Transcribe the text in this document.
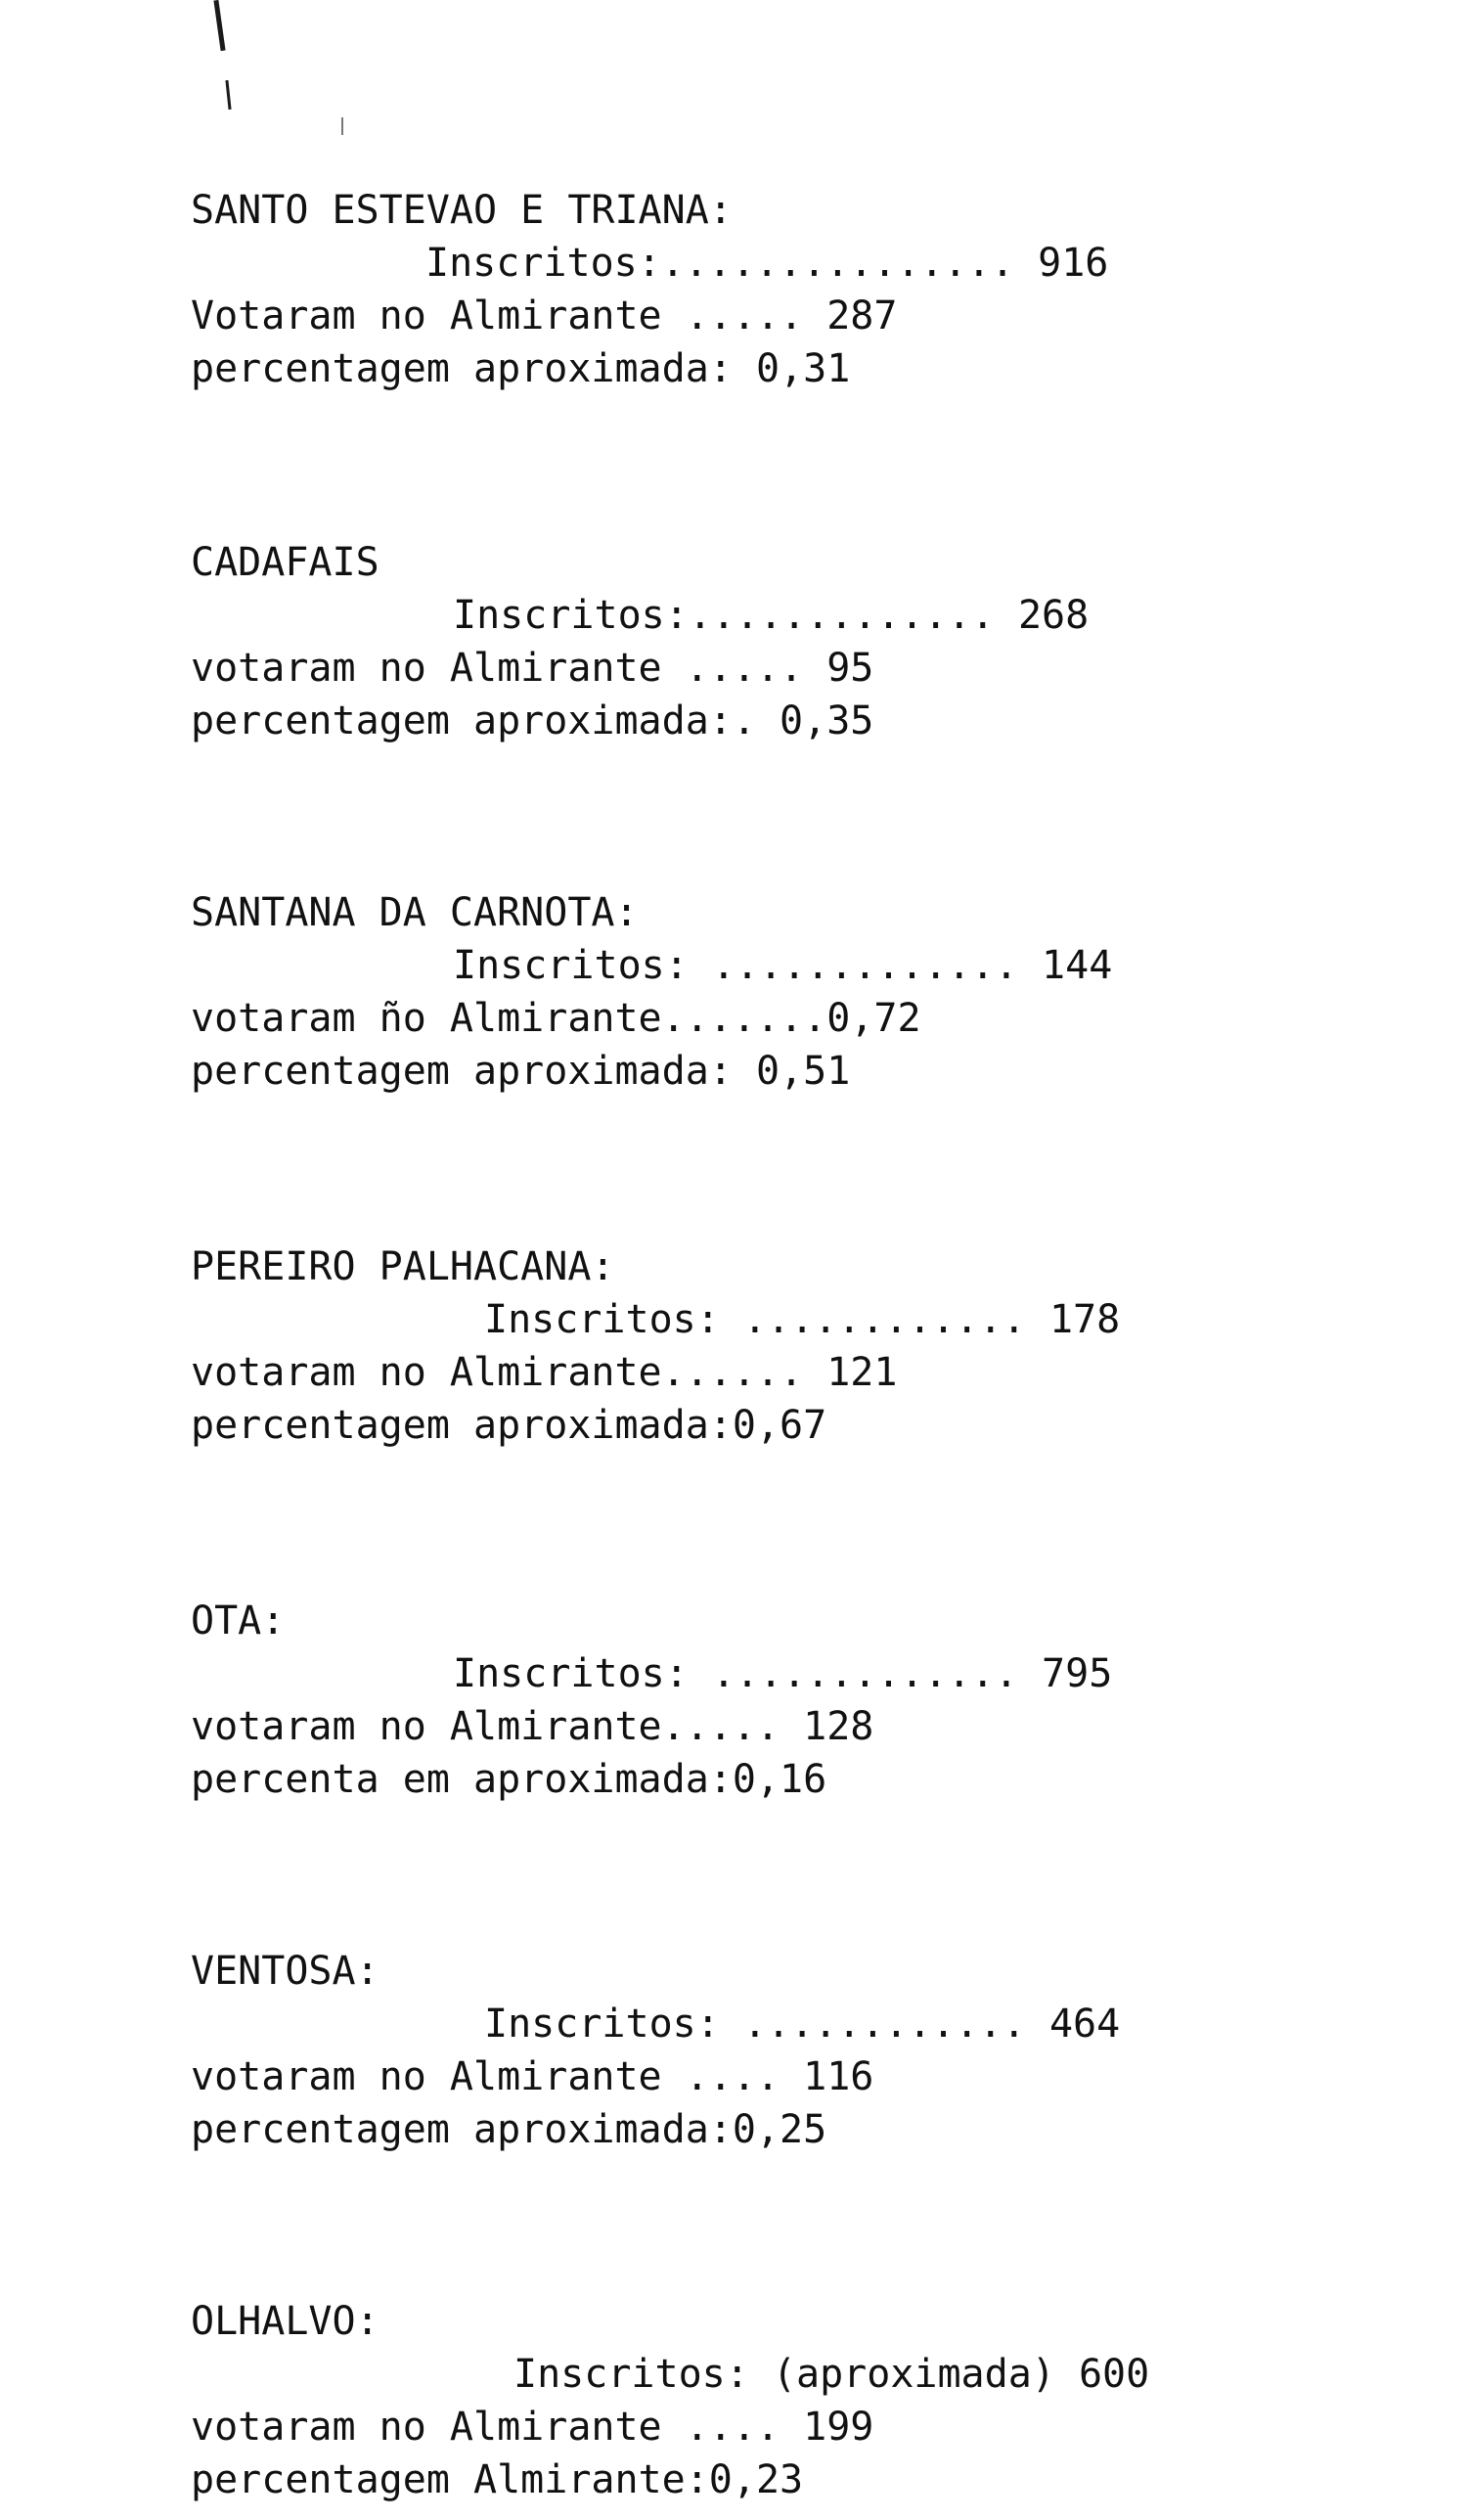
SANTO ESTEVAO E TRIANA:
Inscritos:............... 916
Votaram no Almirante ..... 287
percentagem aproximada: 0,31
CADAFAIS
Inscritos:............. 268
votaram no Almirante ..... 95
percentagem aproximada:. 0,35
SANTANA DA CARNOTA:
Inscritos: ............. 144
votaram ño Almirante.......0,72
percentagem aproximada: 0,51
PEREIRO PALHACANA:
Inscritos: ............ 178
votaram no Almirante...... 121
percentagem aproximada:0,67
OTA:
Inscritos: ............. 795
votaram no Almirante..... 128
percenta em aproximada:0,16
VENTOSA:
Inscritos: ............ 464
votaram no Almirante .... 116
percentagem aproximada:0,25
OLHALVO:
Inscritos: (aproximada) 600
votaram no Almirante .... 199
percentagem Almirante:0,23
